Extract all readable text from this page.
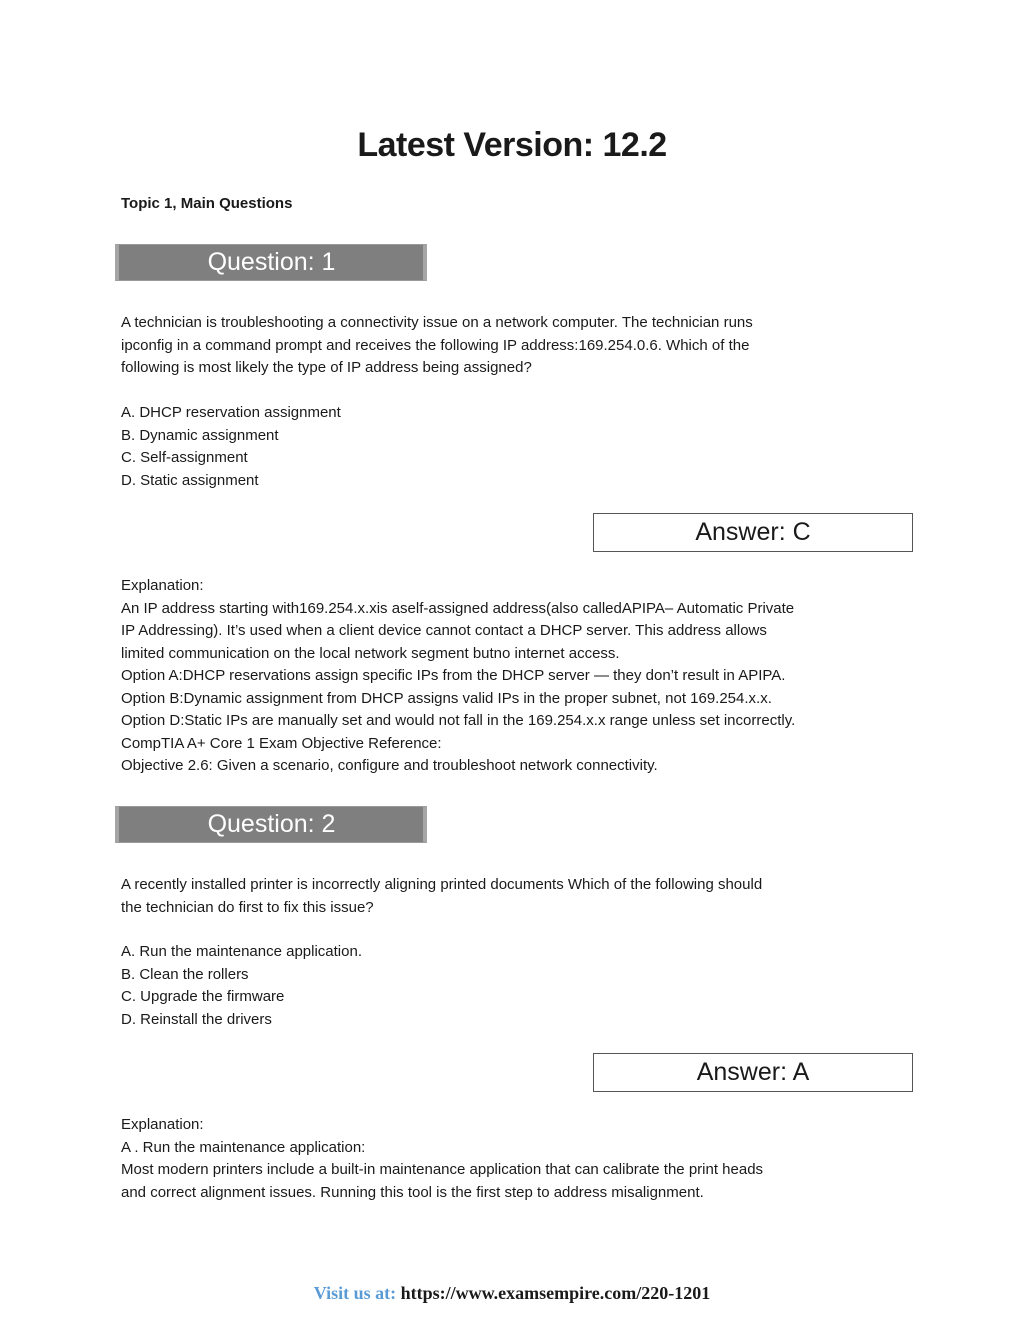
Latest Version: 12.2
Topic 1, Main Questions
Question: 1
A technician is troubleshooting a connectivity issue on a network computer. The technician runs
ipconfig in a command prompt and receives the following IP address:169.254.0.6. Which of the
following is most likely the type of IP address being assigned?
A. DHCP reservation assignment
B. Dynamic assignment
C. Self-assignment
D. Static assignment
Answer: C
Explanation:
An IP address starting with169.254.x.xis aself-assigned address(also calledAPIPA– Automatic Private
IP Addressing). It’s used when a client device cannot contact a DHCP server. This address allows
limited communication on the local network segment butno internet access.
Option A:DHCP reservations assign specific IPs from the DHCP server — they don’t result in APIPA.
Option B:Dynamic assignment from DHCP assigns valid IPs in the proper subnet, not 169.254.x.x.
Option D:Static IPs are manually set and would not fall in the 169.254.x.x range unless set incorrectly.
CompTIA A+ Core 1 Exam Objective Reference:
Objective 2.6: Given a scenario, configure and troubleshoot network connectivity.
Question: 2
A recently installed printer is incorrectly aligning printed documents Which of the following should
the technician do first to fix this issue?
A. Run the maintenance application.
B. Clean the rollers
C. Upgrade the firmware
D. Reinstall the drivers
Answer: A
Explanation:
A . Run the maintenance application:
Most modern printers include a built-in maintenance application that can calibrate the print heads
and correct alignment issues. Running this tool is the first step to address misalignment.
Visit us at: https://www.examsempire.com/220-1201
